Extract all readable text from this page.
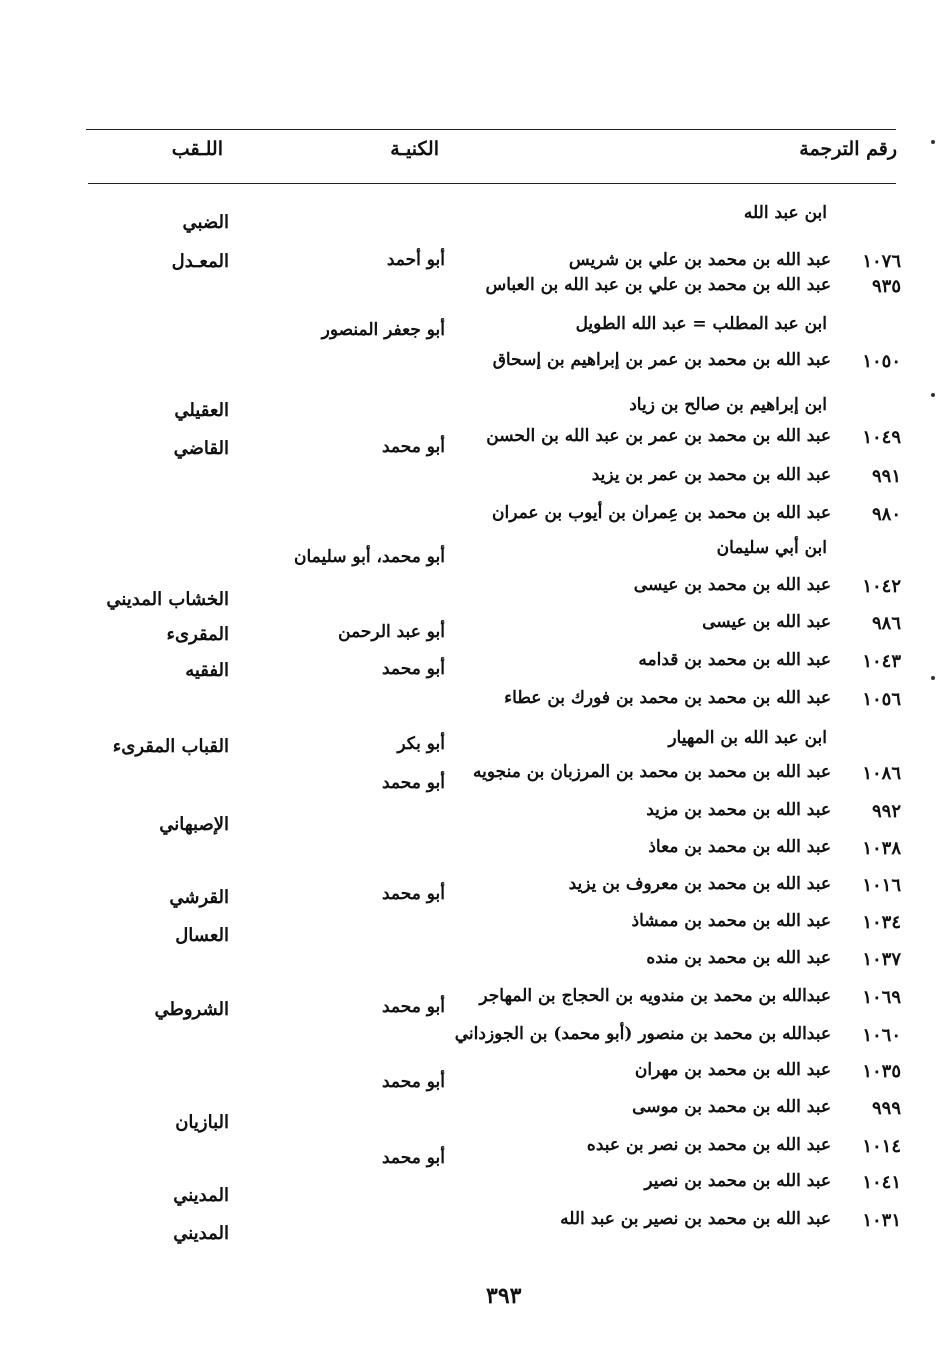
رقم الترجمة
الكنيـة
اللـقب
ابن عبد الله
الضبي
١٠٧٦
عبد الله بن محمد بن علي بن شريس
أبو أحمد
المعـدل
٩٣٥
عبد الله بن محمد بن علي بن عبد الله بن العباس
ابن عبد المطلب = عبد الله الطويل
أبو جعفر المنصور
١٠٥٠
عبد الله بن محمد بن عمر بن إبراهيم بن إسحاق
ابن إبراهيم بن صالح بن زياد
العقيلي
١٠٤٩
عبد الله بن محمد بن عمر بن عبد الله بن الحسن
أبو محمد
القاضي
٩٩١
عبد الله بن محمد بن عمر بن يزيد
٩٨٠
عبد الله بن محمد بن عِمران بن أيوب بن عمران
ابن أبي سليمان
أبو محمد، أبو سليمان
١٠٤٢
عبد الله بن محمد بن عيسى
الخشاب المديني
٩٨٦
عبد الله بن عيسى
أبو عبد الرحمن
المقرىء
١٠٤٣
عبد الله بن محمد بن قدامه
أبو محمد
الفقيه
١٠٥٦
عبد الله بن محمد بن محمد بن فورك بن عطاء
ابن عبد الله بن المهيار
أبو بكر
القباب المقرىء
١٠٨٦
عبد الله بن محمد بن محمد بن المرزبان بن منجويه
أبو محمد
٩٩٢
عبد الله بن محمد بن مزيد
الإصبهاني
١٠٣٨
عبد الله بن محمد بن معاذ
١٠١٦
عبد الله بن محمد بن معروف بن يزيد
أبو محمد
القرشي
١٠٣٤
عبد الله بن محمد بن ممشاذ
العسال
١٠٣٧
عبد الله بن محمد بن منده
١٠٦٩
عبدالله بن محمد بن مندويه بن الحجاج بن المهاجر
أبو محمد
الشروطي
١٠٦٠
عبدالله بن محمد بن منصور (أبو محمد) بن الجوزداني
١٠٣٥
عبد الله بن محمد بن مهران
أبو محمد
٩٩٩
عبد الله بن محمد بن موسى
البازيان
١٠١٤
عبد الله بن محمد بن نصر بن عبده
أبو محمد
١٠٤١
عبد الله بن محمد بن نصير
المديني
١٠٣١
عبد الله بن محمد بن نصير بن عبد الله
المديني
٣٩٣
